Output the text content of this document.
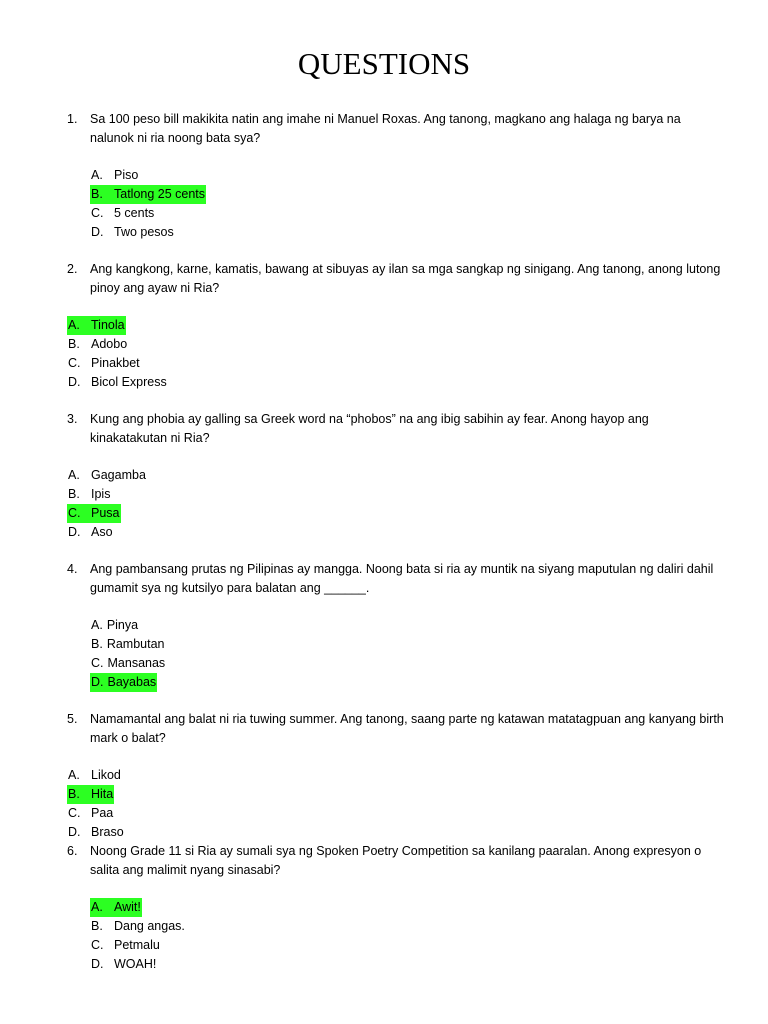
QUESTIONS
1. Sa 100 peso bill makikita natin ang imahe ni Manuel Roxas. Ang tanong, magkano ang halaga ng barya na nalunok ni ria noong bata sya?
A. Piso
B. Tatlong 25 cents
C. 5 cents
D. Two pesos
2. Ang kangkong, karne, kamatis, bawang at sibuyas ay ilan sa mga sangkap ng sinigang. Ang tanong, anong lutong pinoy ang ayaw ni Ria?
A. Tinola
B. Adobo
C. Pinakbet
D. Bicol Express
3. Kung ang phobia ay galling sa Greek word na “phobos” na ang ibig sabihin ay fear. Anong hayop ang kinakatakutan ni Ria?
A. Gagamba
B. Ipis
C. Pusa
D. Aso
4. Ang pambansang prutas ng Pilipinas ay mangga. Noong bata si ria ay muntik na siyang maputulan ng daliri dahil gumamit sya ng kutsilyo para balatan ang ______.
A. Pinya
B. Rambutan
C. Mansanas
D. Bayabas
5. Namamantal ang balat ni ria tuwing summer. Ang tanong, saang parte ng katawan matatagpuan ang kanyang birth mark o balat?
A. Likod
B. Hita
C. Paa
D. Braso
6. Noong Grade 11 si Ria ay sumali sya ng Spoken Poetry Competition sa kanilang paaralan. Anong expresyon o salita ang malimit nyang sinasabi?
A. Awit!
B. Dang angas.
C. Petmalu
D. WOAH!
